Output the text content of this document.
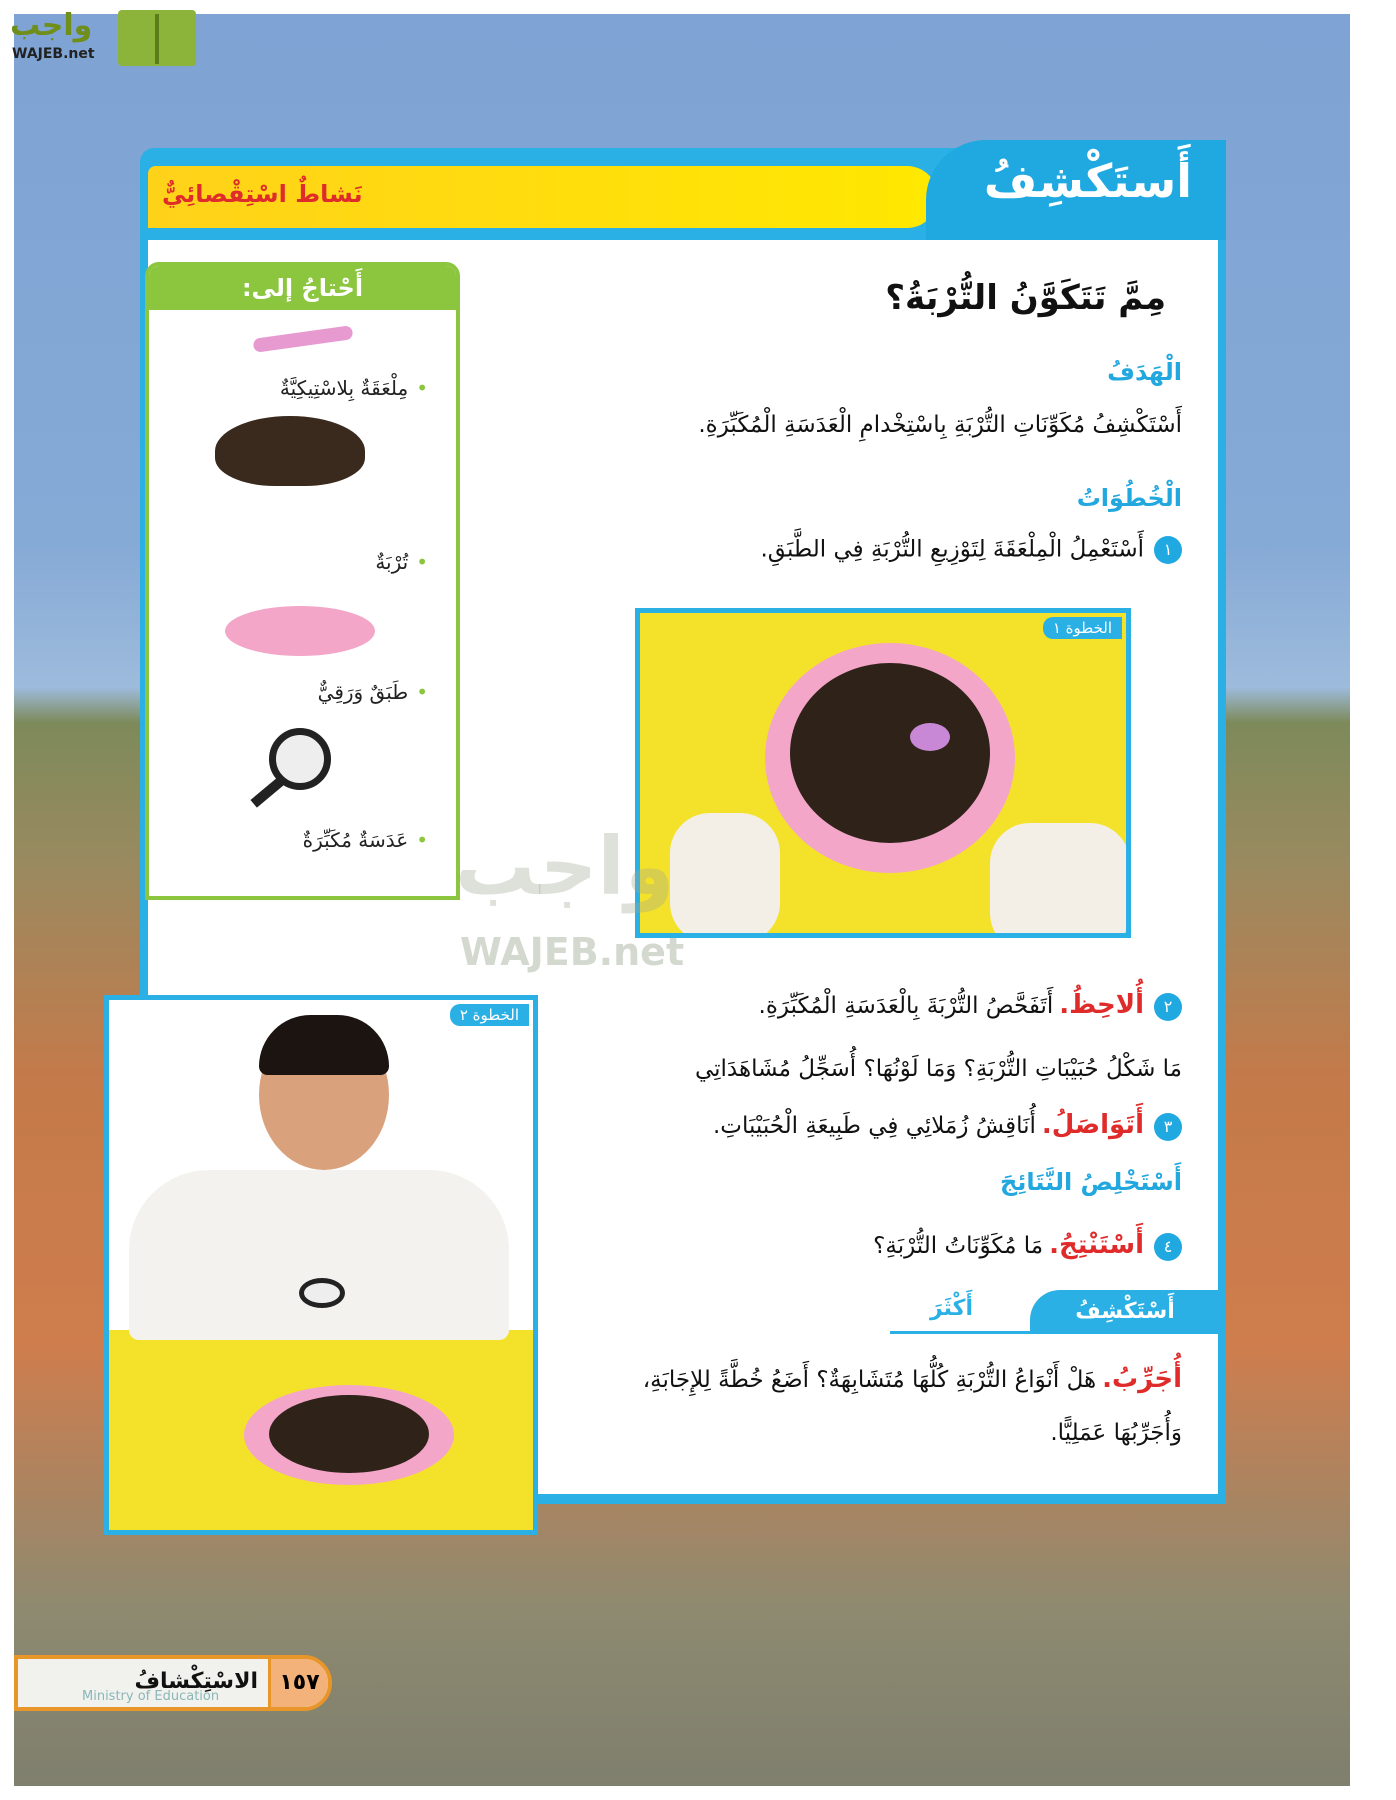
واجب
WAJEB.net
نَشاطٌ اسْتِقْصائِيٌّ	أَستَكْشِفُ
مِمَّ تَتَكَوَّنُ التُّرْبَةُ؟
الْهَدَفُ
أَسْتَكْشِفُ مُكَوِّنَاتِ التُّرْبَةِ بِاسْتِخْدامِ الْعَدَسَةِ الْمُكَبِّرَةِ.
الْخُطُوَاتُ
١أَسْتَعْمِلُ الْمِلْعَقَةَ لِتَوْزِيعِ التُّرْبَةِ فِي الطَّبَقِ.
الخطوة ١
٢أُلاحِظُ.أَتَفَحَّصُ التُّرْبَةَ بِالْعَدَسَةِ الْمُكَبِّرَةِ.
مَا شَكْلُ حُبَيْبَاتِ التُّرْبَةِ؟ وَمَا لَوْنُهَا؟ أُسَجِّلُ مُشَاهَدَاتِي
٣أَتَوَاصَلُ.أُنَاقِشُ زُمَلائِي فِي طَبِيعَةِ الْحُبَيْبَاتِ.
أَسْتَخْلِصُ النَّتَائِجَ
٤أَسْتَنْتِجُ.مَا مُكَوِّنَاتُ التُّرْبَةِ؟
أَسْتَكْشِفُ
أَكْثَرَ
أُجَرِّبُ.هَلْ أَنْوَاعُ التُّرْبَةِ كُلُّهَا مُتَشَابِهَةٌ؟ أَضَعُ خُطَّةً لِلإِجَابَةِ،
وَأُجَرِّبُهَا عَمَلِيًّا.
أَحْتاجُ إلى:
• مِلْعَقَةٌ بِلاسْتِيكِيَّةٌ
• تُرْبَةٌ
• طَبَقٌ وَرَقِيٌّ
• عَدَسَةٌ مُكَبِّرَةٌ واجب
WAJEB.net
الخطوة ٢
Ministry of Education
الاسْتِكْشافُ ١٥٧
